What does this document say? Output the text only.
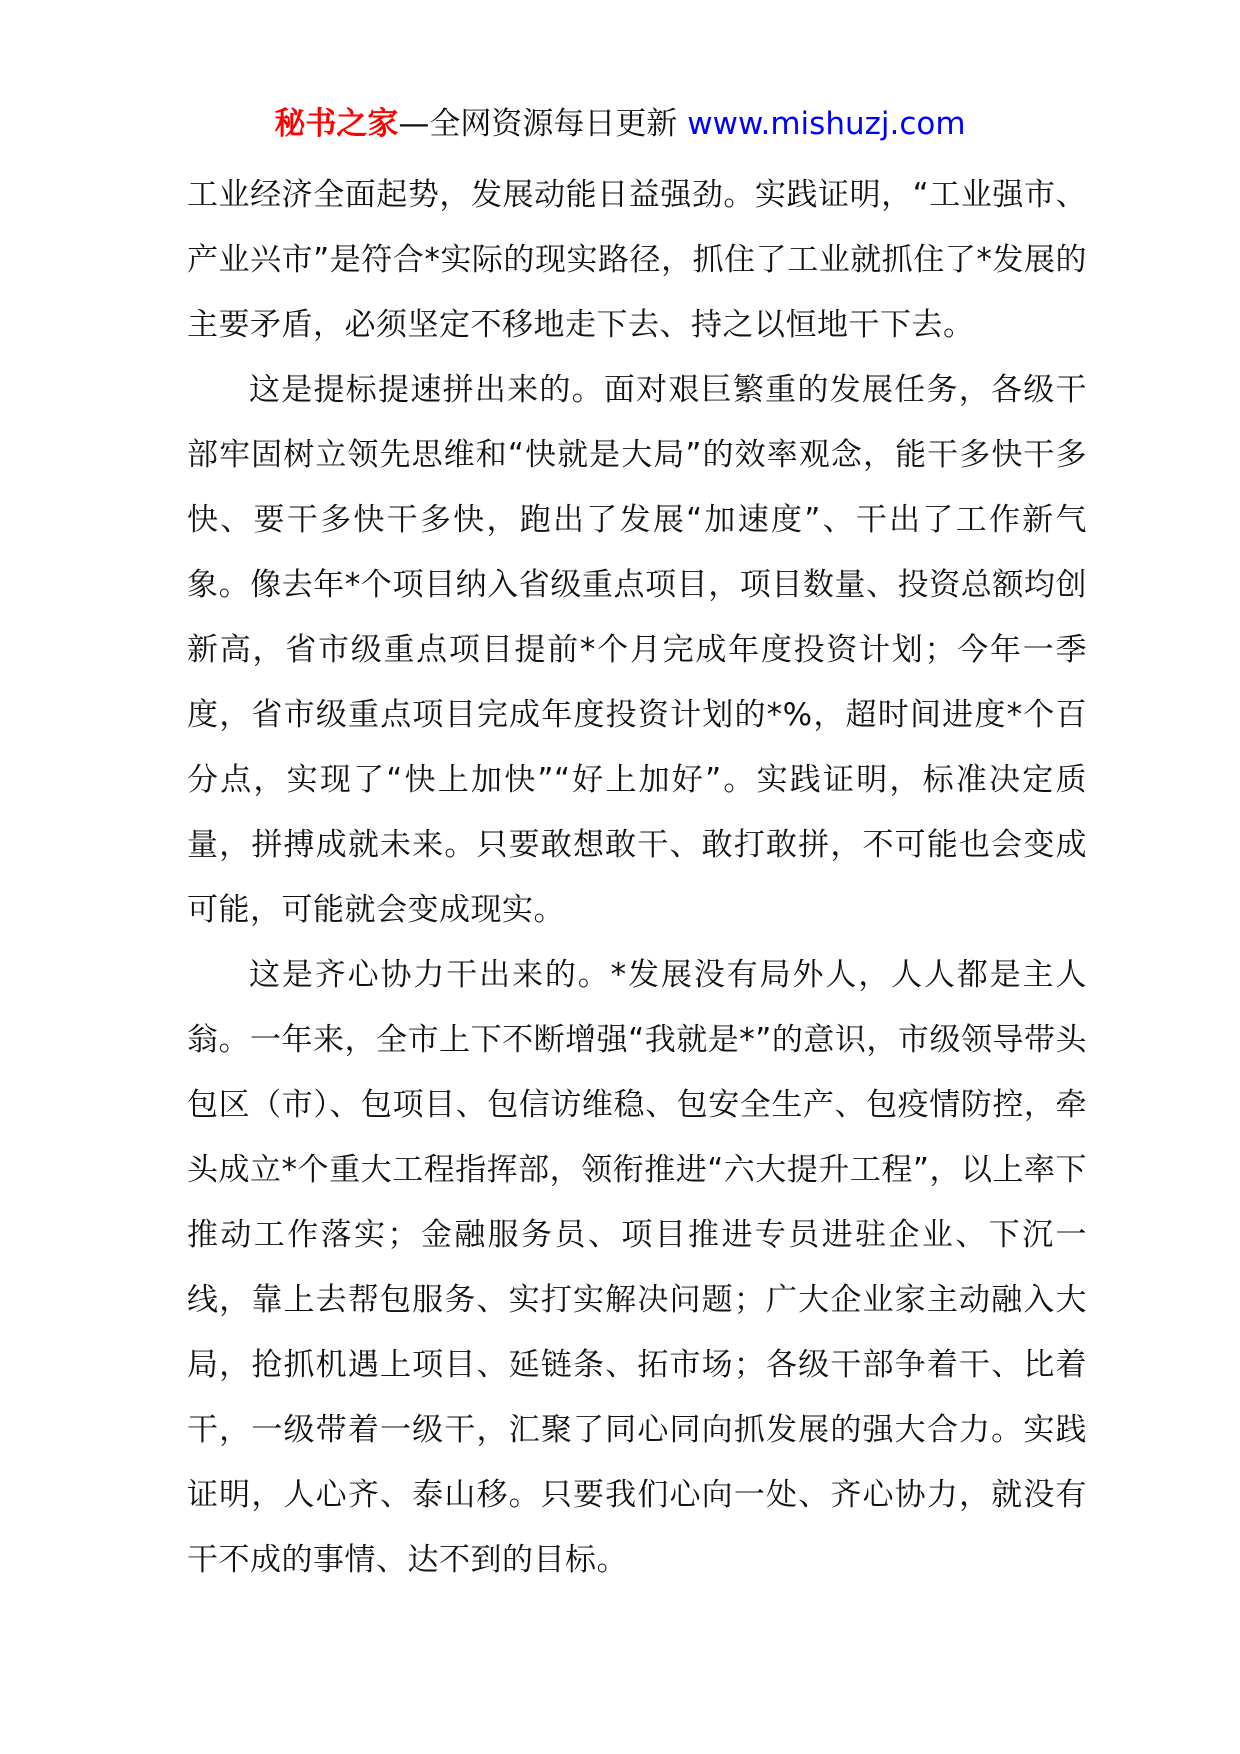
秘书之家—全网资源每日更新 www.mishuzj.com

工业经济全面起势，发展动能日益强劲。实践证明，“工业强市、产业兴市”是符合*实际的现实路径，抓住了工业就抓住了*发展的主要矛盾，必须坚定不移地走下去、持之以恒地干下去。

这是提标提速拼出来的。面对艰巨繁重的发展任务，各级干部牢固树立领先思维和“快就是大局”的效率观念，能干多快干多快、要干多快干多快，跑出了发展“加速度”、干出了工作新气象。像去年*个项目纳入省级重点项目，项目数量、投资总额均创新高，省市级重点项目提前*个月完成年度投资计划；今年一季度，省市级重点项目完成年度投资计划的*%，超时间进度*个百分点，实现了“快上加快”“好上加好”。实践证明，标准决定质量，拼搏成就未来。只要敢想敢干、敢打敢拼，不可能也会变成可能，可能就会变成现实。

这是齐心协力干出来的。*发展没有局外人，人人都是主人翁。一年来，全市上下不断增强“我就是*”的意识，市级领导带头包区（市）、包项目、包信访维稳、包安全生产、包疫情防控，牵头成立*个重大工程指挥部，领衔推进“六大提升工程”，以上率下推动工作落实；金融服务员、项目推进专员进驻企业、下沉一线，靠上去帮包服务、实打实解决问题；广大企业家主动融入大局，抢抓机遇上项目、延链条、拓市场；各级干部争着干、比着干，一级带着一级干，汇聚了同心同向抓发展的强大合力。实践证明，人心齐、泰山移。只要我们心向一处、齐心协力，就没有干不成的事情、达不到的目标。
